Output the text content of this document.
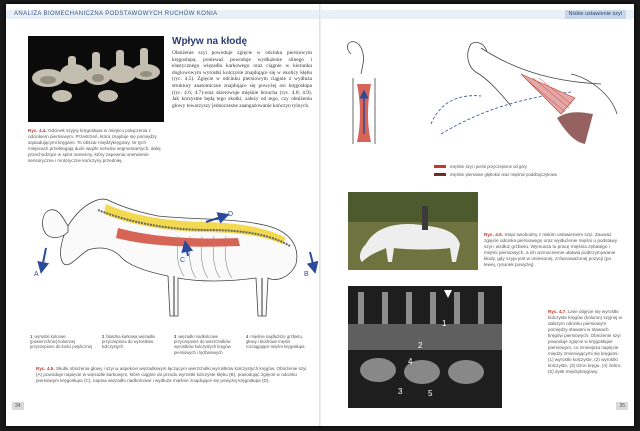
ANALIZA BIOMECHANICZNA PODSTAWOWYCH RUCHÓW KONIA	Niskie ustawienie szyi
Ryc. 4.4. Odcinek szyjny kręgosłupa w miejscu połączenia z odcinkiem piersiowym. Przestrzeń, która znajduje się pomiędzy sąsiadującymi kręgami. To obszar międzykręgowy. W tych miejscach przebiegają duże wiązki nerwów segmentarnych, dalej przechodzące w splot ramienny, który zapewnia unerwienie sensoryczne i motoryczne kończyny przedniej.
Wpływ na kłodę
Obniżenie szyi powoduje zgięcie w odcinku piersiowym kręgosłupa, ponieważ powoduje wydłużenie silnego i elastycznego więzadła karkowego oraz ciągnie w kierunku doglowowym wyrostki kolczyste znajdujące się w okolicy kłębu (ryc. 4.5). Zgięcie w odcinku piersiowym ciągnie z wydłuża struktury anatomiczne znajdujące się powyżej osi kręgosłupa (ryc. 4.6; 4.7)-oraz skierowuje mięśnie brzucha (ryc. 4.8; 4.9). Jak korzystne będą tego skutki, zależy od tego, czy obniżeniu głowy towarzyszy jednoczesne zaangażowanie kończyn tylnych.
A
D
C
B
1 wyrostki kolcowe (powierzchnie) kolumnej przyczepione do kości potylicznej
2 blaszka karkowa więzadła przyczepiona do wyrostków kolczystych
3 więzadło nadkolcowe przyczepione do wierzchołków wyrostków kolczystych kręgów piersiowych i lędźwiowych
4 mięśnie najdłuższe grzbietu, głowy i biodrowe mięśni rozciągające mięśni kręgosłupa
Ryc. 4.5. Skutki obniżenia głowy i szyi w aspekcie więzadłowym łączącym wierzchołki wyrostków kolczystych kręgów. Obniżenie szyi (A) powoduje napięcie w więzadle karkowym, które ciągnie do przodu wyrostki kolczyste kłębu (B), powodując zgięcie w odcinku piersiowym kręgosłupa (C), napina więzadło nadkolcowe i wydłuża mięśnie znajdujące się powyżej kręgosłupa (D).
34
mięśnie szyi i piersi przyczepione od góry
mięśnie piersiowe głębokie oraz mięśnie podobojczykowe
Ryc. 4.6. Stopi swobodny z niskim ustawieniem szyi. Zauważ zgięcie odcinka piersiowego oraz wydłużenie mięśni u podstawy szyi i wzdłuż grzbietu. Wymusza to pracę mięśnia zębatego i mięśni piersiowych, a ich wzmocnienie ułatwia podtrzymywanie kłody, gdy szyja jest w uniesionej, zrównoważonej pozycji (po lewej, rysunek powyżej).
1
2
3
4
5
Ryc. 4.7. Linie objęcie się wyrostki kolczyste kręgów (kolumn) szyjnej w dalszym odcinku piersiowym pomiędzy stawami w stawach kręgów piersiowych. Obniżenie szyi powoduje zgięcie w kręgosłupie piersiowym, co zmniejsza napięcie między zmieniającymi się kręgami: (1) wyrostki kolczyste, (2) wyrostki kolczyste, (3) trzon kręgu, (4) żebro, (5) dysk międzykręgowy.
35
